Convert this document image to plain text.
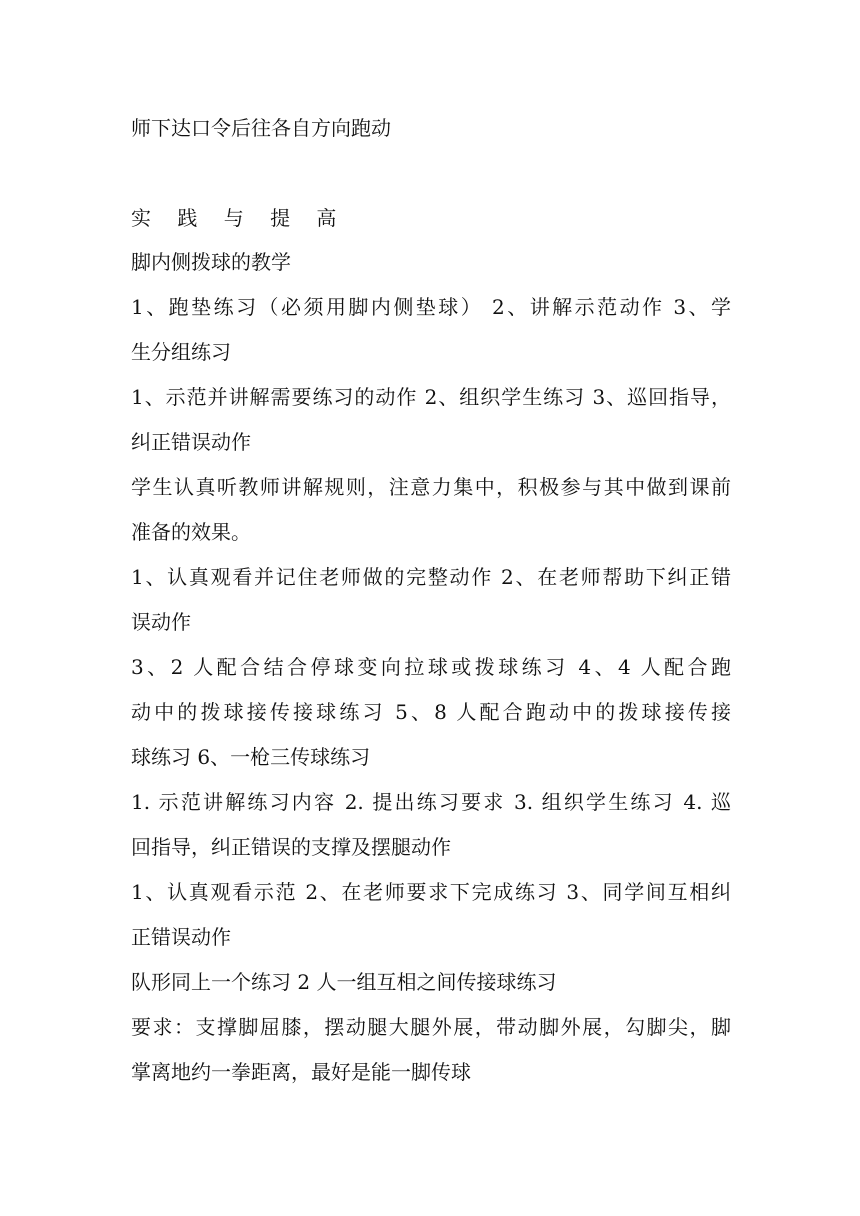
师下达口令后往各自方向跑动
实 践 与 提 高
脚内侧拨球的教学
1、跑垫练习（必须用脚内侧垫球） 2、讲解示范动作 3、学
生分组练习
1、示范并讲解需要练习的动作 2、组织学生练习 3、巡回指导，
纠正错误动作
学生认真听教师讲解规则，注意力集中，积极参与其中做到课前
准备的效果。
1、认真观看并记住老师做的完整动作 2、在老师帮助下纠正错
误动作
3、2 人配合结合停球变向拉球或拨球练习 4、4 人配合跑
动中的拨球接传接球练习 5、8 人配合跑动中的拨球接传接
球练习 6、一枪三传球练习
1. 示范讲解练习内容 2. 提出练习要求 3. 组织学生练习 4. 巡
回指导，纠正错误的支撑及摆腿动作
1、认真观看示范 2、在老师要求下完成练习 3、同学间互相纠
正错误动作
队形同上一个练习 2 人一组互相之间传接球练习
要求：支撑脚屈膝，摆动腿大腿外展，带动脚外展，勾脚尖，脚
掌离地约一拳距离，最好是能一脚传球
